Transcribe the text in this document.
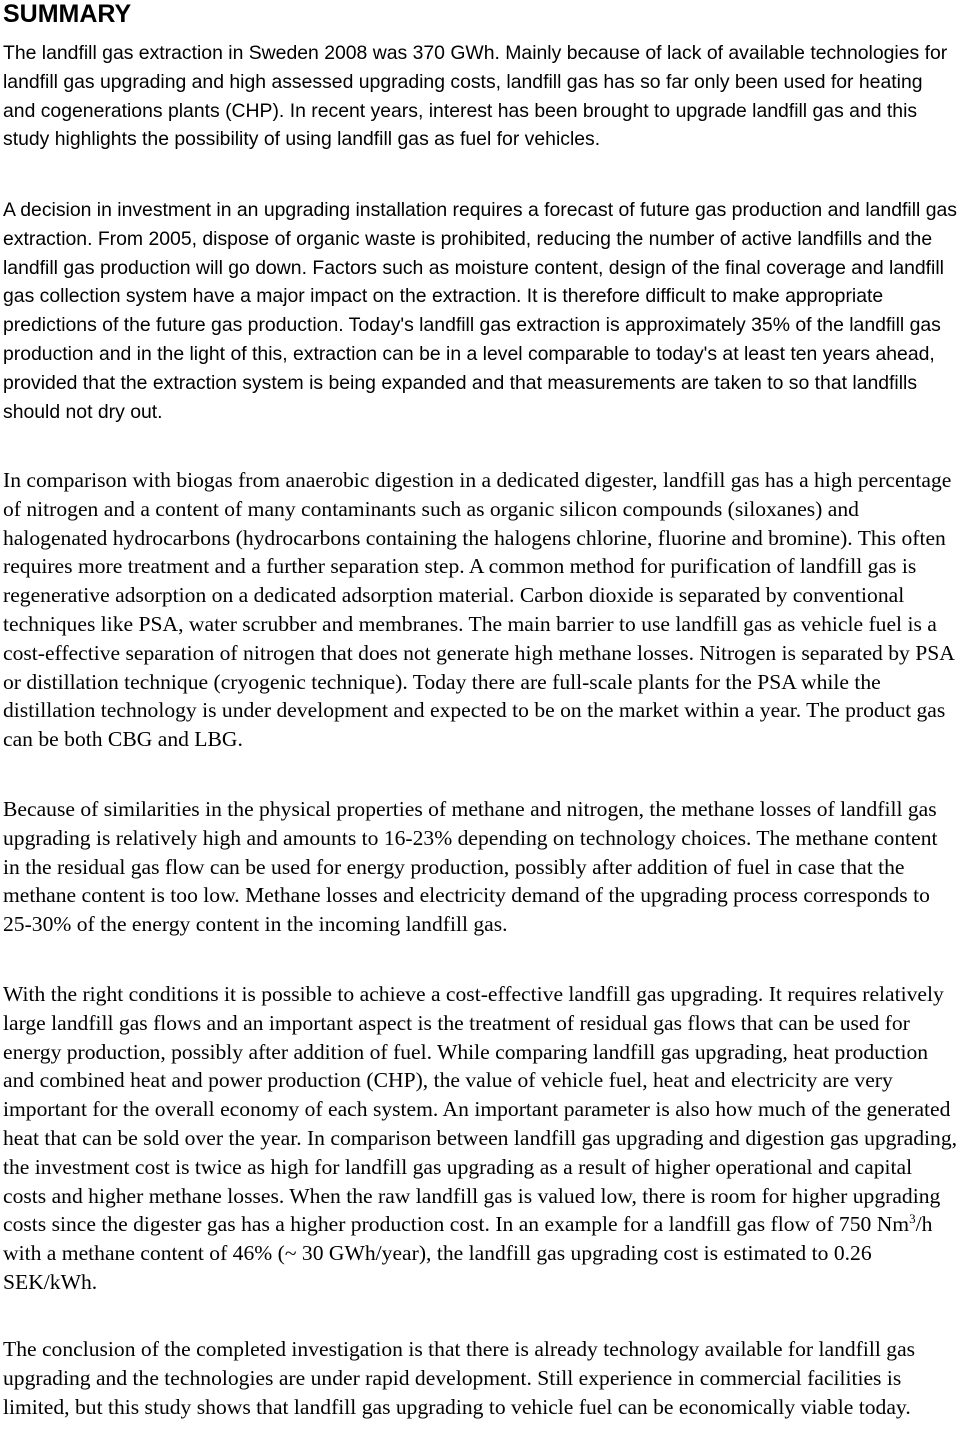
SUMMARY

The landfill gas extraction in Sweden 2008 was 370 GWh. Mainly because of lack of available technologies for landfill gas upgrading and high assessed upgrading costs, landfill gas has so far only been used for heating and cogenerations plants (CHP). In recent years, interest has been brought to upgrade landfill gas and this study highlights the possibility of using landfill gas as fuel for vehicles.

A decision in investment in an upgrading installation requires a forecast of future gas production and landfill gas extraction. From 2005, dispose of organic waste is prohibited, reducing the number of active landfills and the landfill gas production will go down. Factors such as moisture content, design of the final coverage and landfill gas collection system have a major impact on the extraction. It is therefore difficult to make appropriate predictions of the future gas production. Today's landfill gas extraction is approximately 35% of the landfill gas production and in the light of this, extraction can be in a level comparable to today's at least ten years ahead, provided that the extraction system is being expanded and that measurements are taken to so that landfills should not dry out.

In comparison with biogas from anaerobic digestion in a dedicated digester, landfill gas has a high percentage of nitrogen and a content of many contaminants such as organic silicon compounds (siloxanes) and halogenated hydrocarbons (hydrocarbons containing the halogens chlorine, fluorine and bromine). This often requires more treatment and a further separation step. A common method for purification of landfill gas is regenerative adsorption on a dedicated adsorption material. Carbon dioxide is separated by conventional techniques like PSA, water scrubber and membranes. The main barrier to use landfill gas as vehicle fuel is a cost-effective separation of nitrogen that does not generate high methane losses. Nitrogen is separated by PSA or distillation technique (cryogenic technique). Today there are full-scale plants for the PSA while the distillation technology is under development and expected to be on the market within a year. The product gas can be both CBG and LBG.

Because of similarities in the physical properties of methane and nitrogen, the methane losses of landfill gas upgrading is relatively high and amounts to 16-23% depending on technology choices. The methane content in the residual gas flow can be used for energy production, possibly after addition of fuel in case that the methane content is too low. Methane losses and electricity demand of the upgrading process corresponds to 25-30% of the energy content in the incoming landfill gas.

With the right conditions it is possible to achieve a cost-effective landfill gas upgrading. It requires relatively large landfill gas flows and an important aspect is the treatment of residual gas flows that can be used for energy production, possibly after addition of fuel. While comparing landfill gas upgrading, heat production and combined heat and power production (CHP), the value of vehicle fuel, heat and electricity are very important for the overall economy of each system. An important parameter is also how much of the generated heat that can be sold over the year. In comparison between landfill gas upgrading and digestion gas upgrading, the investment cost is twice as high for landfill gas upgrading as a result of higher operational and capital costs and higher methane losses. When the raw landfill gas is valued low, there is room for higher upgrading costs since the digester gas has a higher production cost. In an example for a landfill gas flow of 750 Nm$^3$/h with a methane content of 46% (~ 30 GWh/year), the landfill gas upgrading cost is estimated to 0.26 SEK/kWh.

The conclusion of the completed investigation is that there is already technology available for landfill gas upgrading and the technologies are under rapid development. Still experience in commercial facilities is limited, but this study shows that landfill gas upgrading to vehicle fuel can be economically viable today.
